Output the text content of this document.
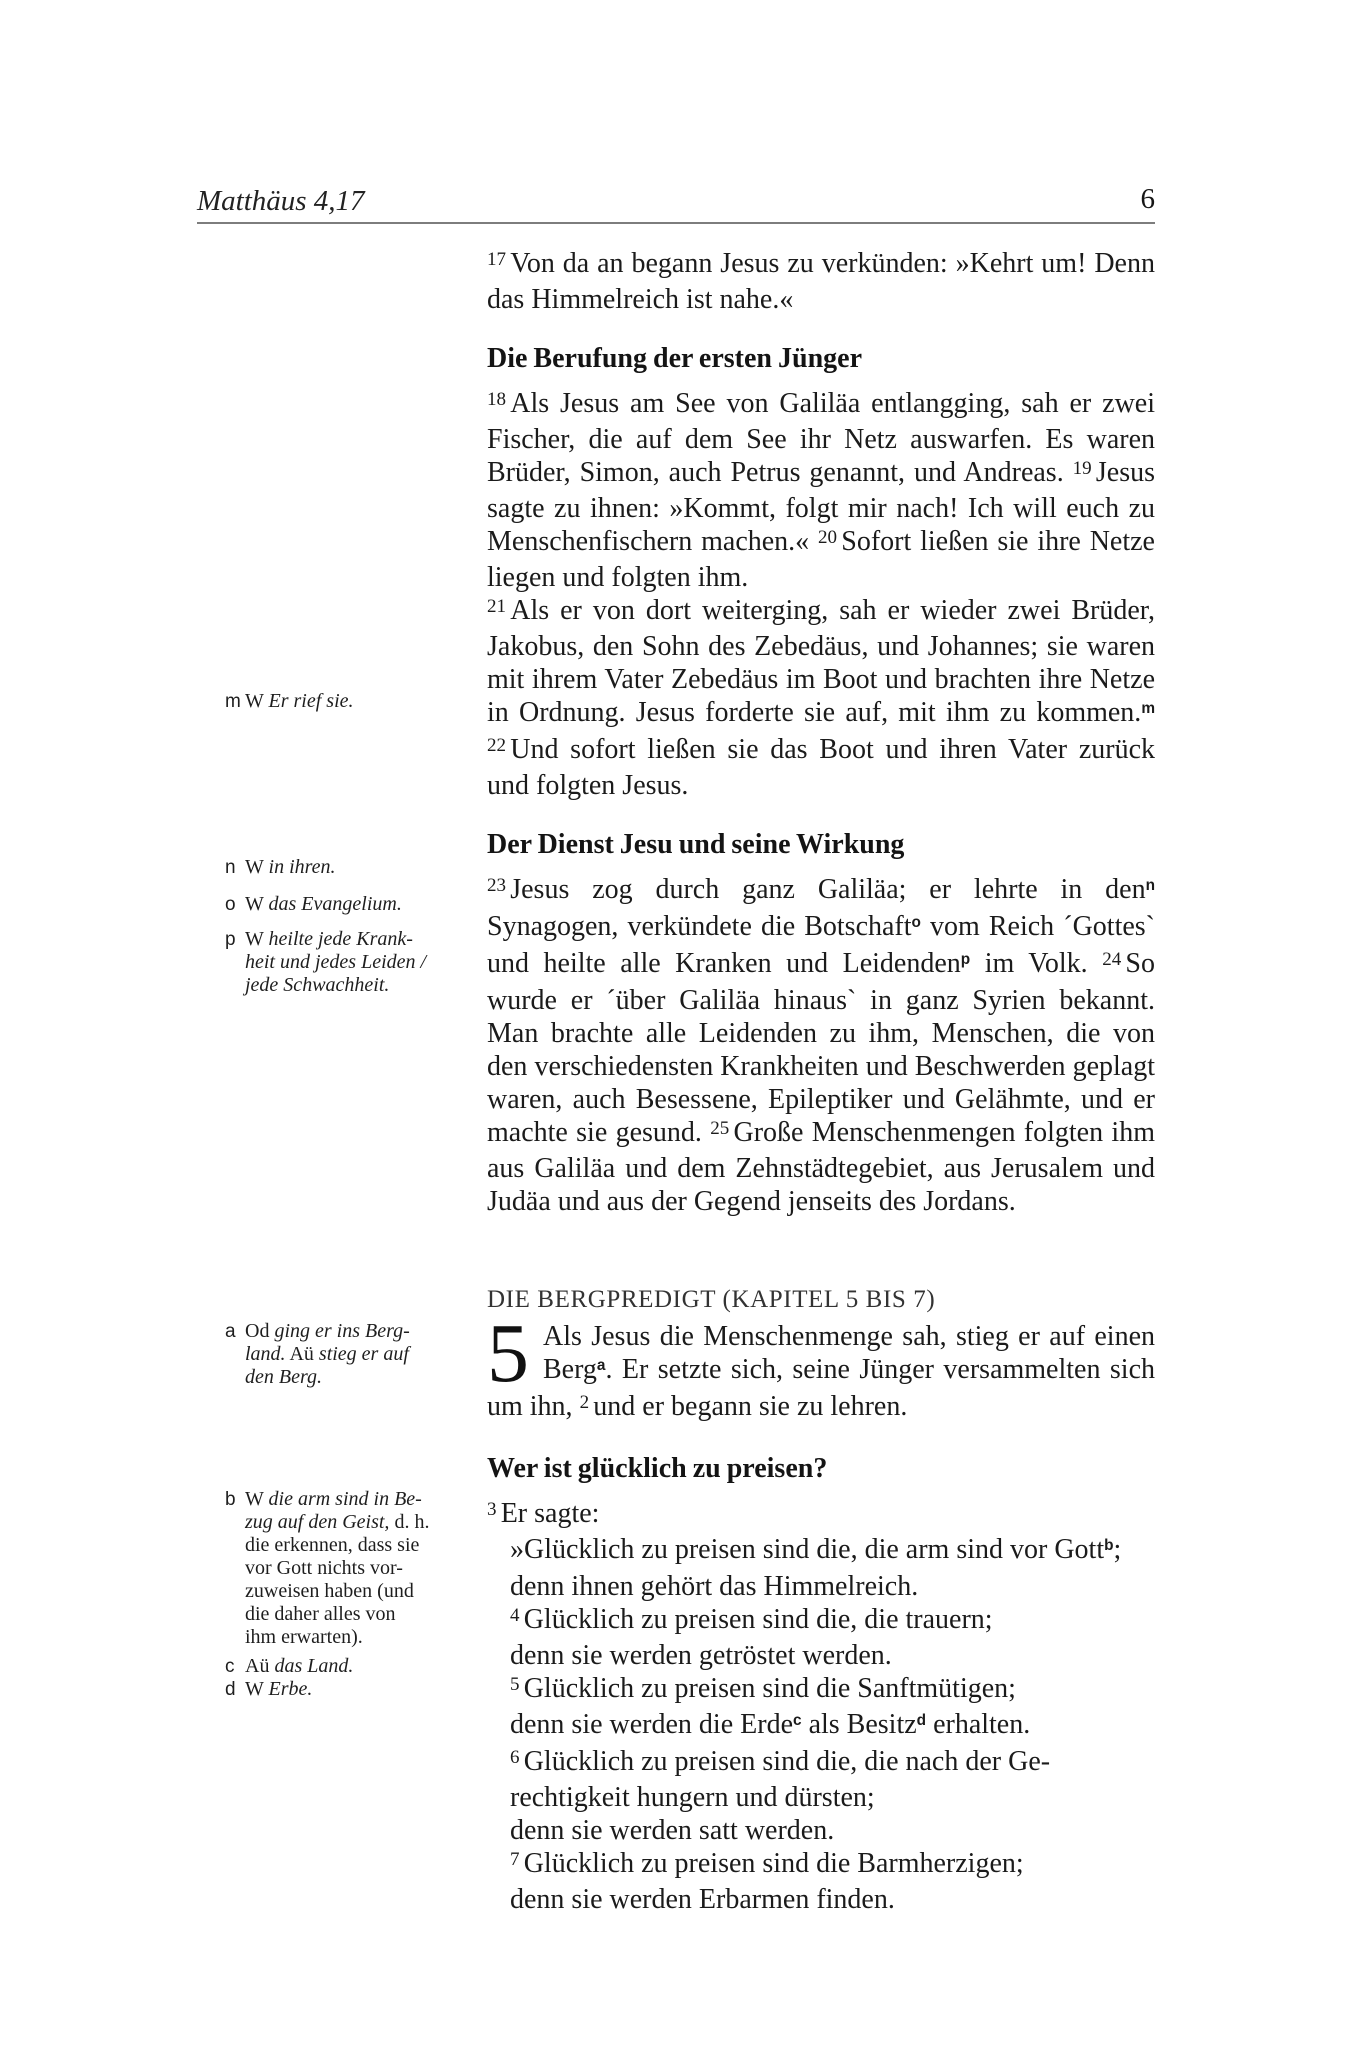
Matthäus 4,17	6

$^{17}$ Von da an begann Jesus zu verkünden: »Kehrt um! Denn das Himmelreich ist nahe.«

Die Berufung der ersten Jünger

$^{18}$ Als Jesus am See von Galiläa entlangging, sah er zwei Fischer, die auf dem See ihr Netz auswarfen. Es waren Brüder, Simon, auch Petrus genannt, und Andreas. $^{19}$ Jesus sagte zu ihnen: »Kommt, folgt mir nach! Ich will euch zu Menschenfischern machen.« $^{20}$ Sofort ließen sie ihre Netze liegen und folgten ihm.

$^{21}$ Als er von dort weiterging, sah er wieder zwei Brüder, Jakobus, den Sohn des Zebedäus, und Johannes; sie waren mit ihrem Vater Zebedäus im Boot und brachten ihre Netze in Ordnung. Jesus forderte sie auf, mit ihm zu kommen.$^m$ $^{22}$ Und sofort ließen sie das Boot und ihren Vater zurück und folgten Jesus.

Der Dienst Jesu und seine Wirkung

$^{23}$ Jesus zog durch ganz Galiläa; er lehrte in den$^n$ Synagogen, verkündete die Botschaft$^o$ vom Reich ´Gottes` und heilte alle Kranken und Leidenden$^p$ im Volk. $^{24}$ So wurde er ´über Galiläa hinaus` in ganz Syrien bekannt. Man brachte alle Leidenden zu ihm, Menschen, die von den verschiedensten Krankheiten und Beschwerden geplagt waren, auch Besessene, Epileptiker und Gelähmte, und er machte sie gesund. $^{25}$ Große Menschenmengen folgten ihm aus Galiläa und dem Zehnstädtegebiet, aus Jerusalem und Judäa und aus der Gegend jenseits des Jordans.

DIE BERGPREDIGT (KAPITEL 5 BIS 7)
5 Als Jesus die Menschenmenge sah, stieg er auf einen Berg$^a$. Er setzte sich, seine Jünger versammelten sich um ihn, $^2$ und er begann sie zu lehren.
Wer ist glücklich zu preisen?

$^3$ Er sagte:

»Glücklich zu preisen sind die, die arm sind vor Gott$^b$;
denn ihnen gehört das Himmelreich.
$^4$ Glücklich zu preisen sind die, die trauern;
denn sie werden getröstet werden.
$^5$ Glücklich zu preisen sind die Sanftmütigen;
denn sie werden die Erde$^c$ als Besitz$^d$ erhalten.
$^6$ Glücklich zu preisen sind die, die nach der Ge-
rechtigkeit hungern und dürsten;
denn sie werden satt werden.
$^7$ Glücklich zu preisen sind die Barmherzigen;
denn sie werden Erbarmen finden.
m W Er rief sie.
n W in ihren.
o W das Evangelium.
p W heilte jede Krank-
heit und jedes Leiden /
jede Schwachheit.
a Od ging er ins Berg-
land. Aü stieg er auf
den Berg.
b W die arm sind in Be-
zug auf den Geist, d. h.
die erkennen, dass sie
vor Gott nichts vor-
zuweisen haben (und
die daher alles von
ihm erwarten).
c Aü das Land.
d W Erbe.
